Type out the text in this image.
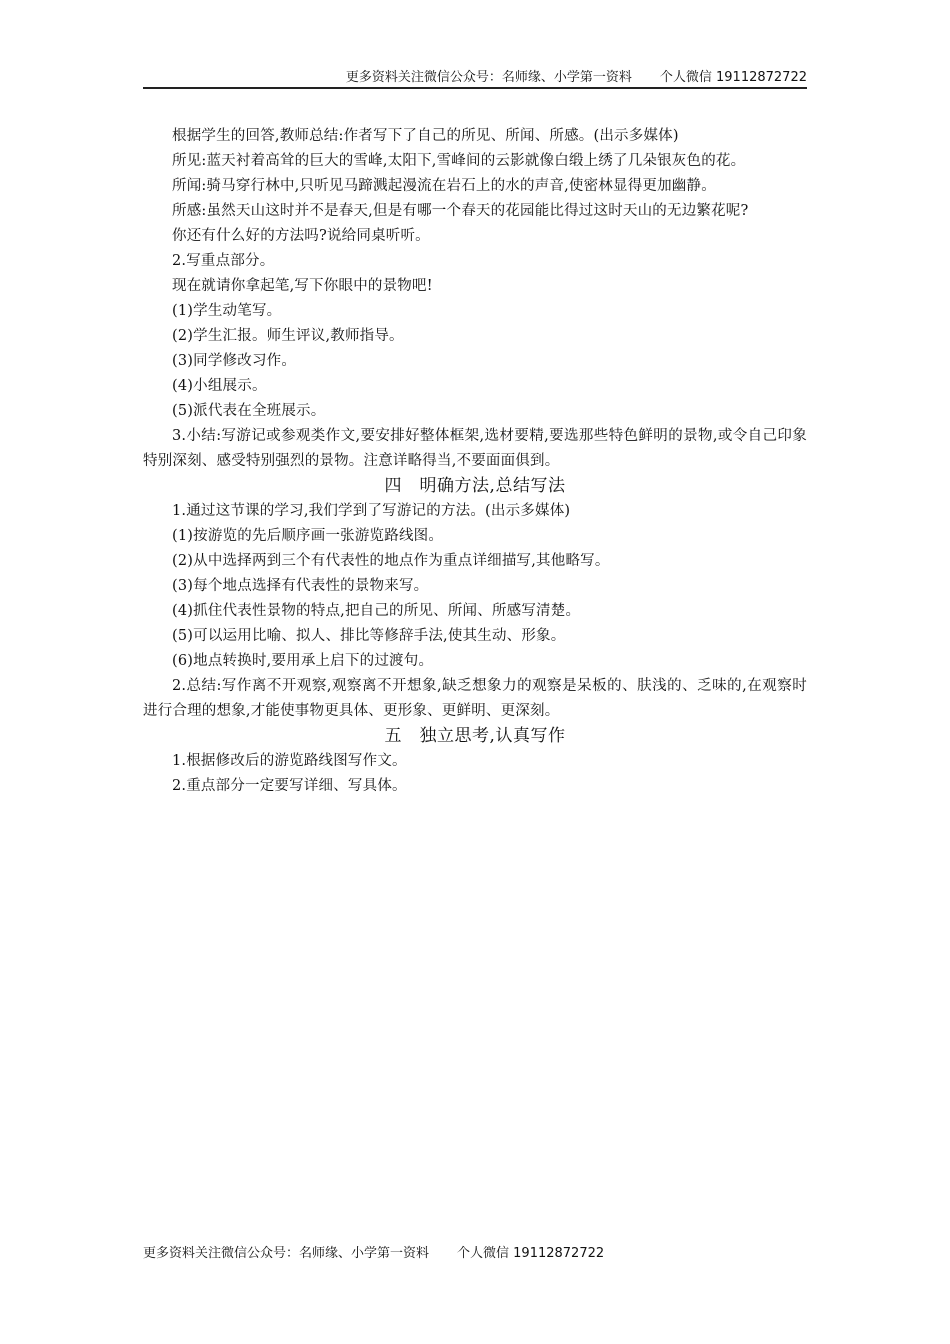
更多资料关注微信公众号：名师缘、小学第一资料 个人微信 19112872722

根据学生的回答,教师总结:作者写下了自己的所见、所闻、所感。(出示多媒体)

所见:蓝天衬着高耸的巨大的雪峰,太阳下,雪峰间的云影就像白缎上绣了几朵银灰色的花。

所闻:骑马穿行林中,只听见马蹄溅起漫流在岩石上的水的声音,使密林显得更加幽静。

所感:虽然天山这时并不是春天,但是有哪一个春天的花园能比得过这时天山的无边繁花呢?

你还有什么好的方法吗?说给同桌听听。

2.写重点部分。

现在就请你拿起笔,写下你眼中的景物吧!

(1)学生动笔写。

(2)学生汇报。师生评议,教师指导。

(3)同学修改习作。

(4)小组展示。

(5)派代表在全班展示。

3.小结:写游记或参观类作文,要安排好整体框架,选材要精,要选那些特色鲜明的景物,或令自己印象特别深刻、感受特别强烈的景物。注意详略得当,不要面面俱到。

四　明确方法,总结写法

1.通过这节课的学习,我们学到了写游记的方法。(出示多媒体)

(1)按游览的先后顺序画一张游览路线图。

(2)从中选择两到三个有代表性的地点作为重点详细描写,其他略写。

(3)每个地点选择有代表性的景物来写。

(4)抓住代表性景物的特点,把自己的所见、所闻、所感写清楚。

(5)可以运用比喻、拟人、排比等修辞手法,使其生动、形象。

(6)地点转换时,要用承上启下的过渡句。

2.总结:写作离不开观察,观察离不开想象,缺乏想象力的观察是呆板的、肤浅的、乏味的,在观察时进行合理的想象,才能使事物更具体、更形象、更鲜明、更深刻。

五　独立思考,认真写作

1.根据修改后的游览路线图写作文。

2.重点部分一定要写详细、写具体。

更多资料关注微信公众号：名师缘、小学第一资料 个人微信 19112872722
